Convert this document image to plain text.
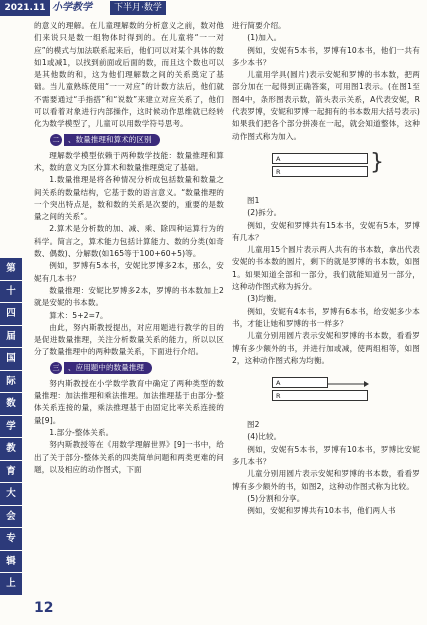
2021.11 小学教学	下半月·数学
第
十
四
届
国
际
数
学
教
育
大
会
专
辑
上

的意义的理解。在儿童理解数的分析意义之前，数对他们来说只是数一组物体时得到的。在儿童将“一一对应”的模式与加法联系起来后，他们可以对某个具体的数如1或减1，以找到前面或后面的数，而且这个数也可以是其他数的和，这为他们理解数之间的关系奠定了基础。当儿童熟练使用“一一对应”的计数方法后，他们就不需要通过“手指搭”和“说数”来建立对应关系了，他们可以看着对象进行内部操作，这时候动作思维就已经转化为数学模型了，儿童可以用数学符号思考。

二	、数量推理和算术的区别

理解数学模型依赖于两种数学技能：数量推理和算术，数的意义为区分算术和数量推理奠定了基础。

1.数量推理是将各种情况分析成包括数量和数量之间关系的数量结构，它基于数的语言意义。“数量推理的一个突出特点是，数和数的关系是次要的，重要的是数量之间的关系”。

2.算术是分析数的加、减、乘、除四种运算行为的科学。简言之，算术能力包括计算能力、数的分类(如奇数、偶数)、分解数(如165等于100+60+5)等。

例如，罗博有5本书，安妮比罗博多2本，那么，安妮有几本书？

数量推理：安妮比罗博多2本，罗博的书本数加上2就是安妮的书本数。

算术：5+2=7。

由此，努内斯教授提出，对应用题进行教学的目的是促进数量推理，关注分析数量关系的能力，所以以区分了数量推理中的两种数量关系，下面进行介绍。

三	、应用题中的数量推理

努内斯教授在小学数学教育中确定了两种类型的数量推理：加法推理和乘法推理。加法推理基于由部分-整体关系连接的量，乘法推理基于由固定比率关系连接的量[9]。

1.部分-整体关系。

努内斯教授等在《用数学理解世界》[9]一书中，给出了关于部分-整体关系的四类简单问题和两类更难的问题，以及相应的动作图式，下面

进行简要介绍。

(1)加入。

例如，安妮有5本书，罗博有10本书，他们一共有多少本书？

儿童用学具(圆片)表示安妮和罗博的书本数，把两部分加在一起得到正确答案，可用图1表示。(在图1至图4中，条形图表示数，箭头表示关系，A代表安妮，R代表罗博，安妮和罗博一起拥有的书本数用大括号表示)如果我们把各个部分拼凑在一起，就会知道整体，这种动作图式称为加入。

A
R	}

图1

(2)拆分。

例如，安妮和罗博共有15本书，安妮有5本，罗博有几本？

儿童用15个圆片表示两人共有的书本数，拿出代表安妮的书本数的圆片，剩下的就是罗博的书本数，如图1。如果知道全部和一部分，我们就能知道另一部分，这种动作图式称为拆分。

(3)均衡。

例如，安妮有4本书，罗博有6本书，给安妮多少本书，才能让她和罗博的书一样多？

儿童分别用圆片表示安妮和罗博的书本数，看看罗博有多少额外的书，并进行加或减，使两组相等，如图2，这种动作图式称为均衡。

A
R

图2

(4)比较。

例如，安妮有5本书，罗博有10本书，罗博比安妮多几本书？

儿童分别用圆片表示安妮和罗博的书本数，看看罗博有多少额外的书，如图2，这种动作图式称为比较。

(5)分割和分享。

例如，安妮和罗博共有10本书，他们两人书

12
